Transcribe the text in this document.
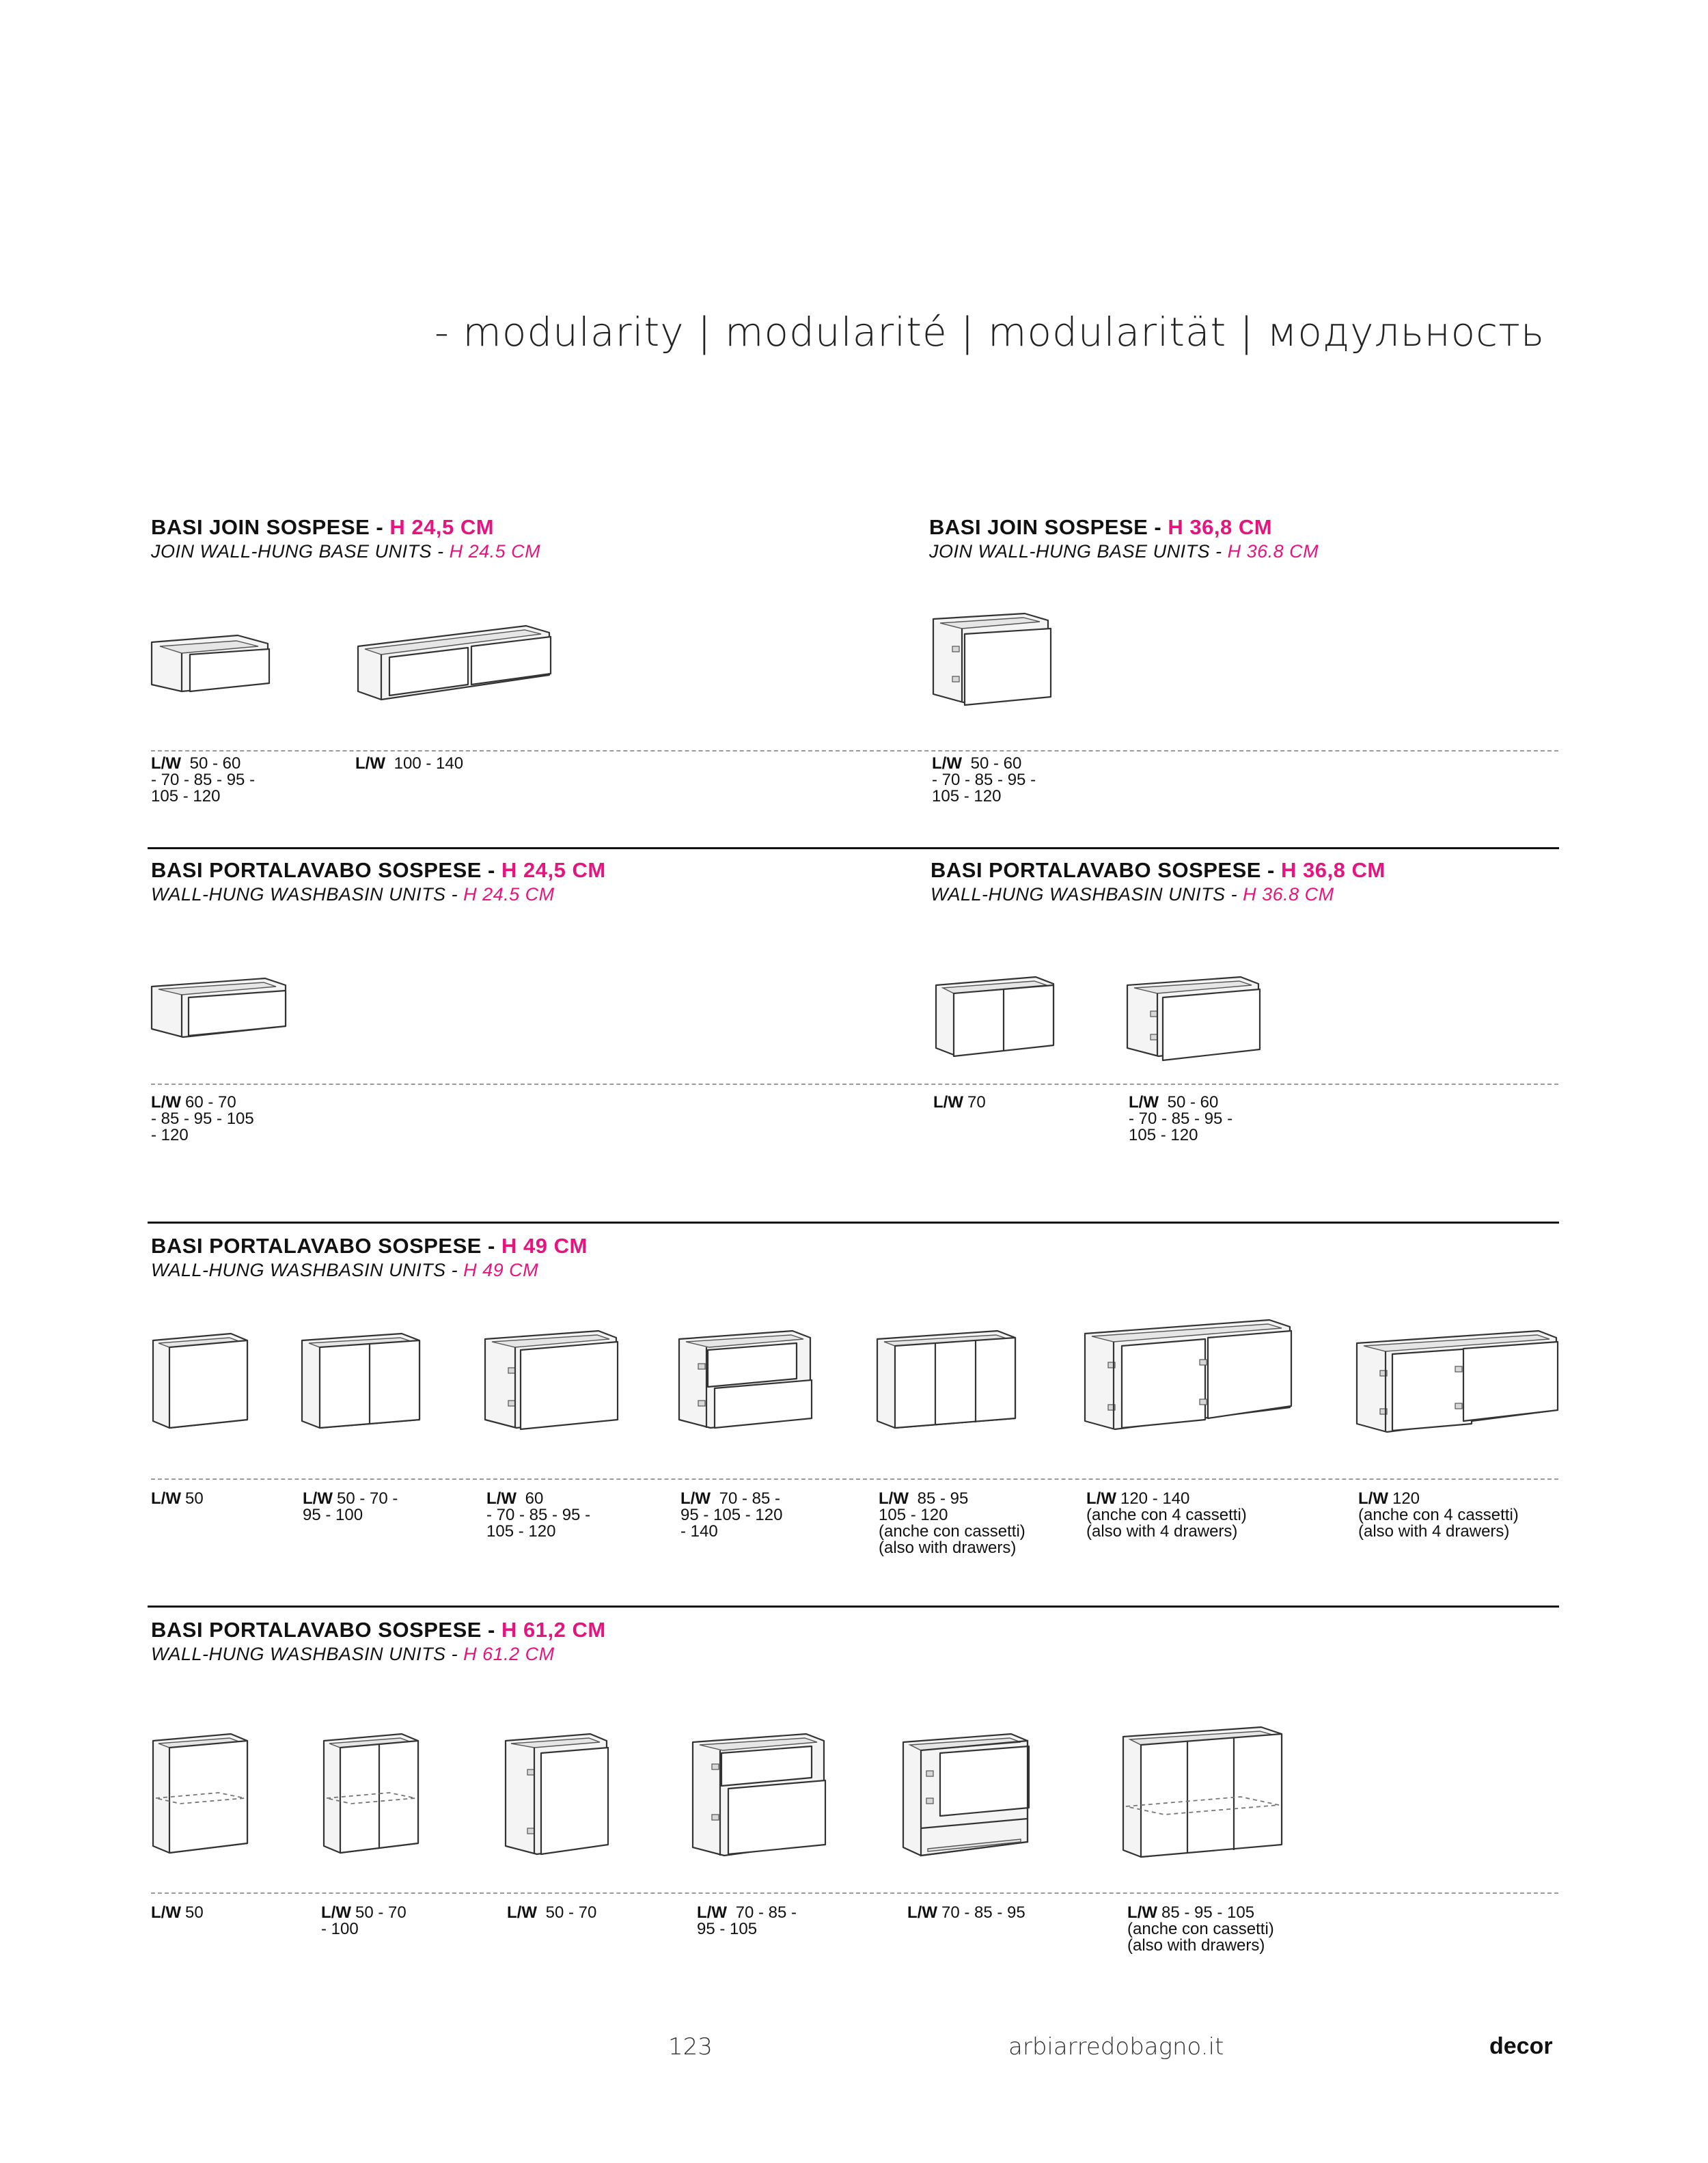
- modularity | modularité | modularität | модульность
BASI JOIN SOSPESE - H 24,5 CM
JOIN WALL-HUNG BASE UNITS - H 24.5 CM
L/W 50 - 60
- 70 - 85 - 95 -
105 - 120
L/W 100 - 140
BASI JOIN SOSPESE - H 36,8 CM
JOIN WALL-HUNG BASE UNITS - H 36.8 CM
L/W 50 - 60
- 70 - 85 - 95 -
105 - 120
BASI PORTALAVABO SOSPESE - H 24,5 CM
WALL-HUNG WASHBASIN UNITS - H 24.5 CM
L/W 60 - 70
- 85 - 95 - 105
- 120
BASI PORTALAVABO SOSPESE - H 36,8 CM
WALL-HUNG WASHBASIN UNITS - H 36.8 CM
L/W 70	L/W 50 - 60
- 70 - 85 - 95 -
105 - 120
BASI PORTALAVABO SOSPESE - H 49 CM
WALL-HUNG WASHBASIN UNITS - H 49 CM
L/W 50	L/W 50 - 70 -
95 - 100
L/W 60
- 70 - 85 - 95 -
105 - 120
L/W 70 - 85 -
95 - 105 - 120
- 140
L/W 85 - 95
105 - 120
(anche con cassetti)
(also with drawers)
L/W 120 - 140
(anche con 4 cassetti)
(also with 4 drawers)
L/W 120
(anche con 4 cassetti)
(also with 4 drawers)
BASI PORTALAVABO SOSPESE - H 61,2 CM
WALL-HUNG WASHBASIN UNITS - H 61.2 CM
L/W 50	L/W 50 - 70
- 100
L/W 50 - 70	L/W 70 - 85 -
95 - 105
L/W 70 - 85 - 95	L/W 85 - 95 - 105
(anche con cassetti)
(also with drawers)
123	arbiarredobagno.it	decor
